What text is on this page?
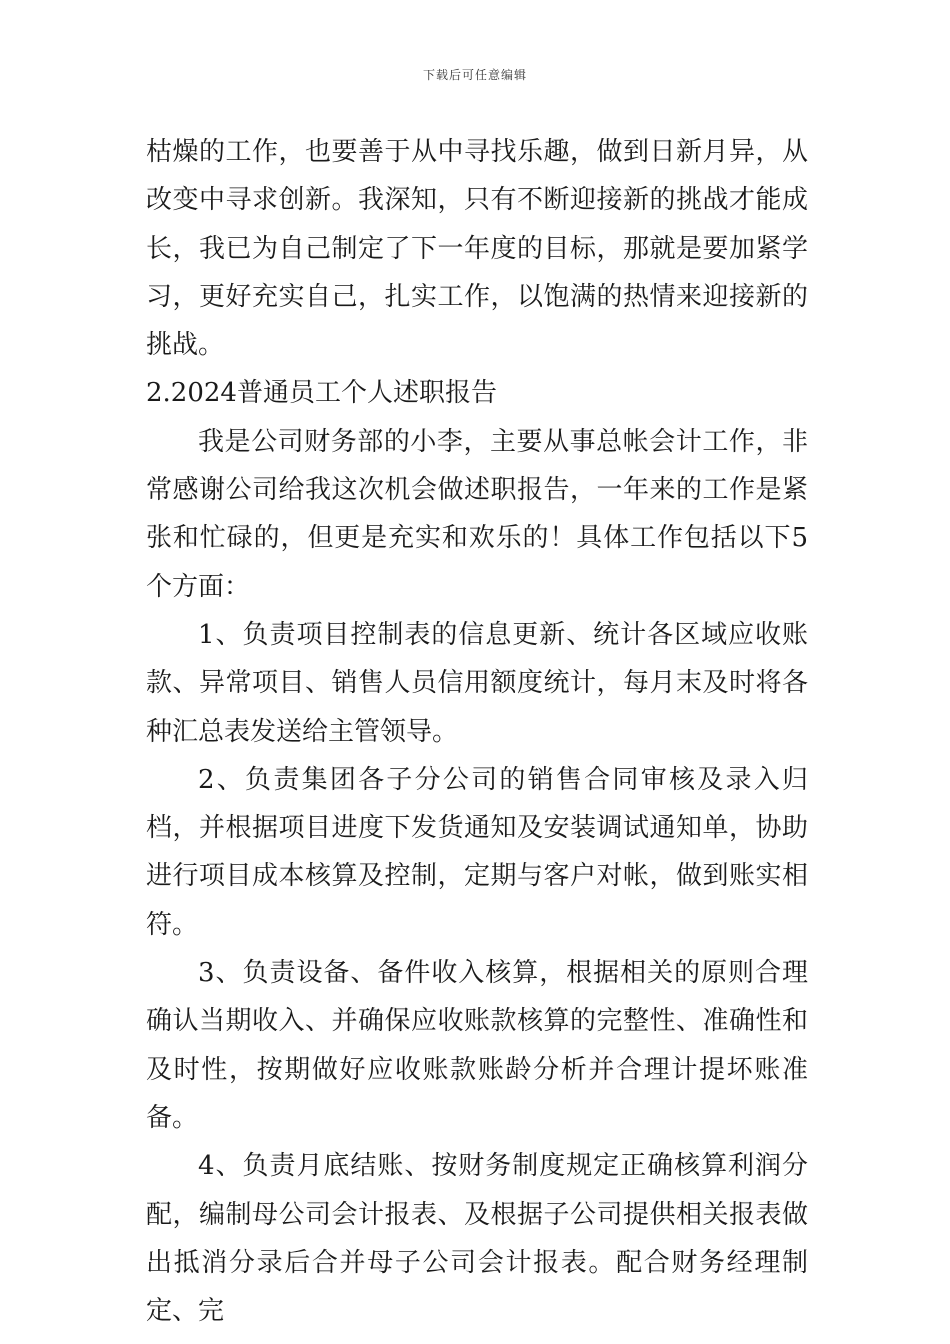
下载后可任意编辑

枯燥的工作，也要善于从中寻找乐趣，做到日新月异，从改变中寻求创新。我深知，只有不断迎接新的挑战才能成长，我已为自己制定了下一年度的目标，那就是要加紧学习，更好充实自己，扎实工作，以饱满的热情来迎接新的挑战。

2.2024普通员工个人述职报告

我是公司财务部的小李，主要从事总帐会计工作，非常感谢公司给我这次机会做述职报告，一年来的工作是紧张和忙碌的，但更是充实和欢乐的！具体工作包括以下5个方面：

1、负责项目控制表的信息更新、统计各区域应收账款、异常项目、销售人员信用额度统计，每月末及时将各种汇总表发送给主管领导。

2、负责集团各子分公司的销售合同审核及录入归档，并根据项目进度下发货通知及安装调试通知单，协助进行项目成本核算及控制，定期与客户对帐，做到账实相符。

3、负责设备、备件收入核算，根据相关的原则合理确认当期收入、并确保应收账款核算的完整性、准确性和及时性，按期做好应收账款账龄分析并合理计提坏账准备。

4、负责月底结账、按财务制度规定正确核算利润分配，编制母公司会计报表、及根据子公司提供相关报表做出抵消分录后合并母子公司会计报表。配合财务经理制定、完
